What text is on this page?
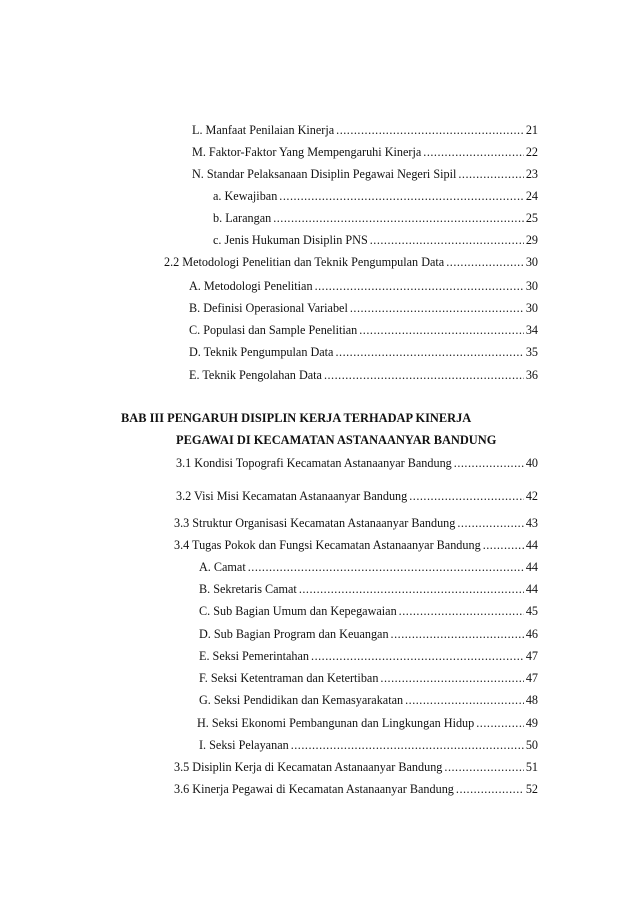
L. Manfaat Penilaian Kinerja .....	21
M. Faktor-Faktor Yang Mempengaruhi Kinerja .....	22
N. Standar Pelaksanaan Disiplin Pegawai Negeri Sipil .....	23
a. Kewajiban .....	24
b. Larangan .....	25
c. Jenis Hukuman Disiplin PNS .....	29
2.2 Metodologi Penelitian dan Teknik Pengumpulan Data .....	30
A. Metodologi Penelitian .....	30
B. Definisi Operasional Variabel .....	30
C. Populasi dan Sample Penelitian .....	34
D. Teknik Pengumpulan Data .....	35
E. Teknik Pengolahan Data .....	36
BAB III PENGARUH DISIPLIN KERJA TERHADAP KINERJA
PEGAWAI DI KECAMATAN ASTANAANYAR BANDUNG
3.1 Kondisi Topografi Kecamatan Astanaanyar Bandung .....	40
3.2 Visi Misi Kecamatan Astanaanyar Bandung .....	42
3.3 Struktur Organisasi Kecamatan Astanaanyar Bandung .....	43
3.4 Tugas Pokok dan Fungsi Kecamatan Astanaanyar Bandung .....	44
A. Camat .....	44
B. Sekretaris Camat .....	44
C. Sub Bagian Umum dan Kepegawaian .....	45
D. Sub Bagian Program dan Keuangan .....	46
E. Seksi Pemerintahan .....	47
F. Seksi Ketentraman dan Ketertiban .....	47
G. Seksi Pendidikan dan Kemasyarakatan .....	48
H. Seksi Ekonomi Pembangunan dan Lingkungan Hidup .....	49
I. Seksi Pelayanan .....	50
3.5 Disiplin Kerja di Kecamatan Astanaanyar Bandung .....	51
3.6 Kinerja Pegawai di Kecamatan Astanaanyar Bandung .....	52
